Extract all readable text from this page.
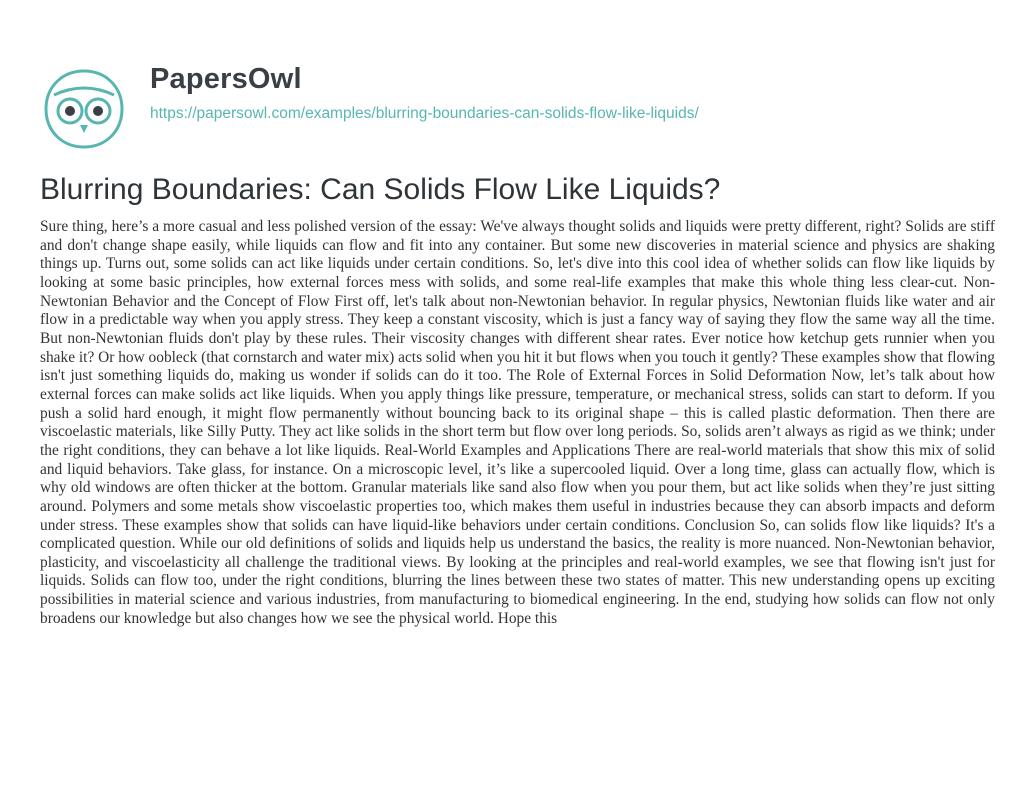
PapersOwl
https://papersowl.com/examples/blurring-boundaries-can-solids-flow-like-liquids/
Blurring Boundaries: Can Solids Flow Like Liquids?

Sure thing, here’s a more casual and less polished version of the essay: We've always thought solids and liquids were pretty different, right? Solids are stiff and don't change shape easily, while liquids can flow and fit into any container. But some new discoveries in material science and physics are shaking things up. Turns out, some solids can act like liquids under certain conditions. So, let's dive into this cool idea of whether solids can flow like liquids by looking at some basic principles, how external forces mess with solids, and some real-life examples that make this whole thing less clear-cut. Non-Newtonian Behavior and the Concept of Flow First off, let's talk about non-Newtonian behavior. In regular physics, Newtonian fluids like water and air flow in a predictable way when you apply stress. They keep a constant viscosity, which is just a fancy way of saying they flow the same way all the time. But non-Newtonian fluids don't play by these rules. Their viscosity changes with different shear rates. Ever notice how ketchup gets runnier when you shake it? Or how oobleck (that cornstarch and water mix) acts solid when you hit it but flows when you touch it gently? These examples show that flowing isn't just something liquids do, making us wonder if solids can do it too. The Role of External Forces in Solid Deformation Now, let’s talk about how external forces can make solids act like liquids. When you apply things like pressure, temperature, or mechanical stress, solids can start to deform. If you push a solid hard enough, it might flow permanently without bouncing back to its original shape – this is called plastic deformation. Then there are viscoelastic materials, like Silly Putty. They act like solids in the short term but flow over long periods. So, solids aren’t always as rigid as we think; under the right conditions, they can behave a lot like liquids. Real-World Examples and Applications There are real-world materials that show this mix of solid and liquid behaviors. Take glass, for instance. On a microscopic level, it’s like a supercooled liquid. Over a long time, glass can actually flow, which is why old windows are often thicker at the bottom. Granular materials like sand also flow when you pour them, but act like solids when they’re just sitting around. Polymers and some metals show viscoelastic properties too, which makes them useful in industries because they can absorb impacts and deform under stress. These examples show that solids can have liquid-like behaviors under certain conditions. Conclusion So, can solids flow like liquids? It's a complicated question. While our old definitions of solids and liquids help us understand the basics, the reality is more nuanced. Non-Newtonian behavior, plasticity, and viscoelasticity all challenge the traditional views. By looking at the principles and real-world examples, we see that flowing isn't just for liquids. Solids can flow too, under the right conditions, blurring the lines between these two states of matter. This new understanding opens up exciting possibilities in material science and various industries, from manufacturing to biomedical engineering. In the end, studying how solids can flow not only broadens our knowledge but also changes how we see the physical world. Hope this
